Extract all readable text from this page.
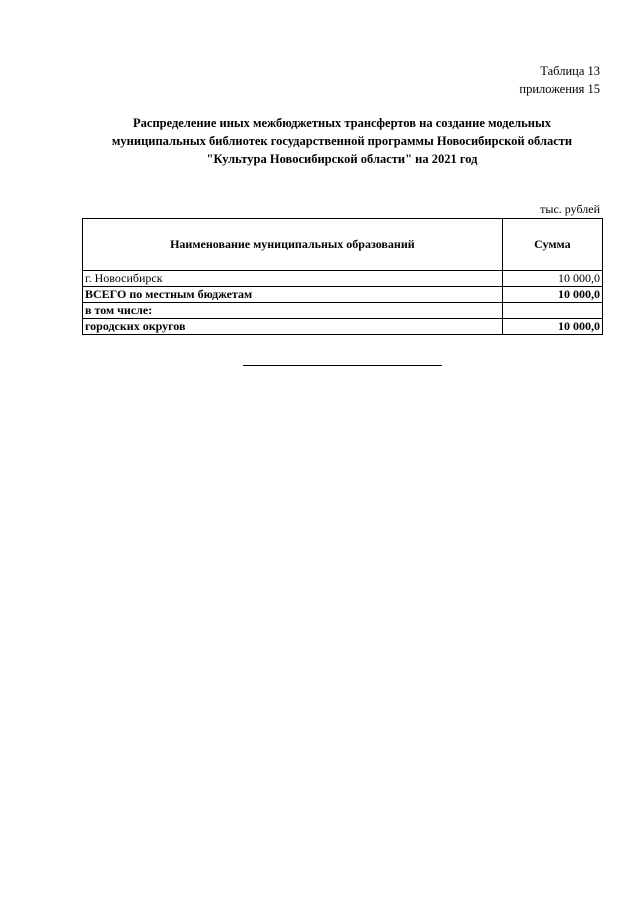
Таблица 13
приложения 15
Распределение иных межбюджетных трансфертов на создание модельных
муниципальных библиотек государственной программы Новосибирской области
"Культура Новосибирской области" на 2021 год
тыс. рублей
Наименование муниципальных образований	Сумма
г. Новосибирск	10 000,0
ВСЕГО по местным бюджетам	10 000,0
в том числе:	
городских округов	10 000,0
